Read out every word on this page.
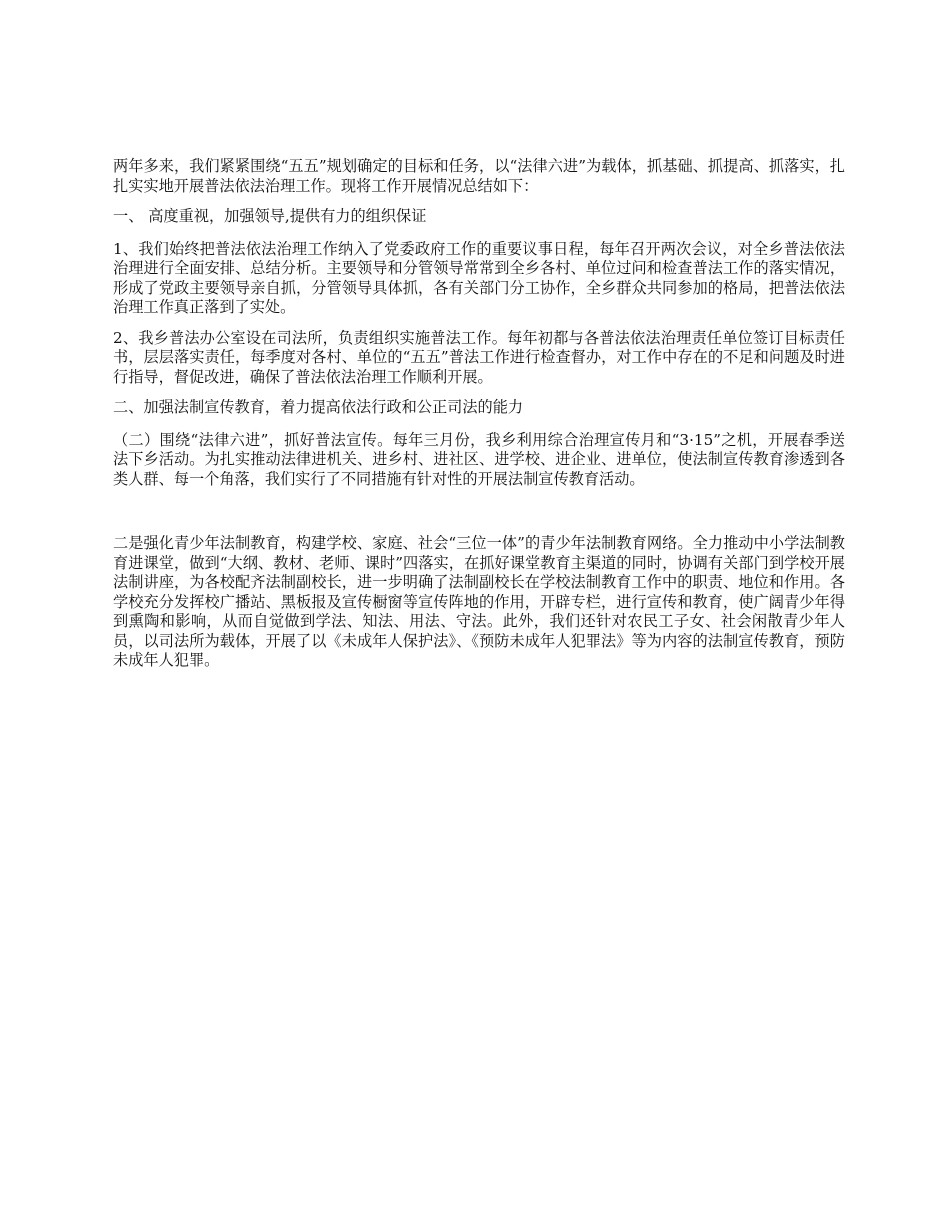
两年多来，我们紧紧围绕“五五”规划确定的目标和任务，以“法律六进”为载体，抓基础、抓提高、抓落实，扎扎实实地开展普法依法治理工作。现将工作开展情况总结如下：

一、 高度重视，加强领导,提供有力的组织保证

1、我们始终把普法依法治理工作纳入了党委政府工作的重要议事日程，每年召开两次会议，对全乡普法依法治理进行全面安排、总结分析。主要领导和分管领导常常到全乡各村、单位过问和检查普法工作的落实情况，形成了党政主要领导亲自抓，分管领导具体抓，各有关部门分工协作，全乡群众共同参加的格局，把普法依法治理工作真正落到了实处。

2、我乡普法办公室设在司法所，负责组织实施普法工作。每年初都与各普法依法治理责任单位签订目标责任书，层层落实责任，每季度对各村、单位的“五五”普法工作进行检查督办，对工作中存在的不足和问题及时进行指导，督促改进，确保了普法依法治理工作顺利开展。

二、加强法制宣传教育，着力提高依法行政和公正司法的能力

（二）围绕“法律六进”，抓好普法宣传。每年三月份，我乡利用综合治理宣传月和“3·15”之机，开展春季送法下乡活动。为扎实推动法律进机关、进乡村、进社区、进学校、进企业、进单位，使法制宣传教育渗透到各类人群、每一个角落，我们实行了不同措施有针对性的开展法制宣传教育活动。

二是强化青少年法制教育，构建学校、家庭、社会“三位一体”的青少年法制教育网络。全力推动中小学法制教育进课堂，做到“大纲、教材、老师、课时”四落实，在抓好课堂教育主渠道的同时，协调有关部门到学校开展法制讲座，为各校配齐法制副校长，进一步明确了法制副校长在学校法制教育工作中的职责、地位和作用。各学校充分发挥校广播站、黑板报及宣传橱窗等宣传阵地的作用，开辟专栏，进行宣传和教育，使广阔青少年得到熏陶和影响，从而自觉做到学法、知法、用法、守法。此外，我们还针对农民工子女、社会闲散青少年人员，以司法所为载体，开展了以《未成年人保护法》、《预防未成年人犯罪法》等为内容的法制宣传教育，预防未成年人犯罪。
